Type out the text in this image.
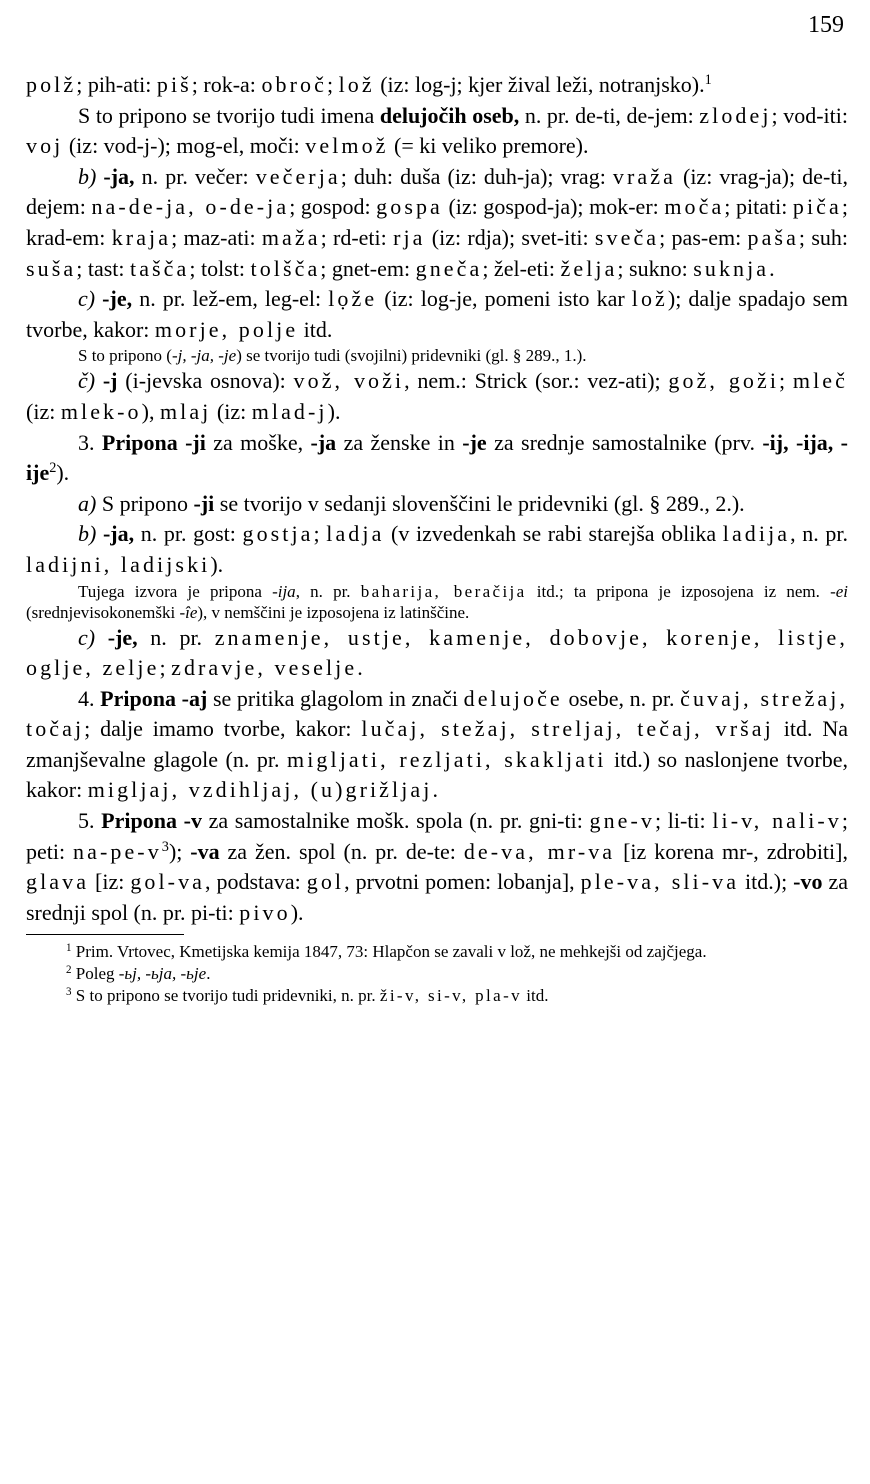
159

polž; pih-ati: piš; rok-a: obroč; lož (iz: log-j; kjer žival leži, notranjsko).$^1$

S to pripono se tvorijo tudi imena delujočih oseb, n. pr. de-ti, de-jem: zlodej; vod-iti: voj (iz: vod-j-); mog-el, moči: velmož (= ki veliko premore).

b) -ja, n. pr. večer: večerja; duh: duša (iz: duh-ja); vrag: vraža (iz: vrag-ja); de-ti, dejem: na-de-ja, o-de-ja; gospod: gospa (iz: gospod-ja); mok-er: moča; pitati: piča; krad-em: kraja; maz-ati: maža; rd-eti: rja (iz: rdja); svet-iti: sveča; pas-em: paša; suh: suša; tast: tašča; tolst: tolšča; gnet-em: gneča; žel-eti: želja; sukno: suknja.

c) -je, n. pr. lež-em, leg-el: lọže (iz: log-je, pomeni isto kar lož); dalje spadajo sem tvorbe, kakor: morje, polje itd.

S to pripono (-j, -ja, -je) se tvorijo tudi (svojilni) pridevniki (gl. § 289., 1.).

č) -j (i-jevska osnova): vož, voži, nem.: Strick (sor.: vez-ati); gož, goži; mleč (iz: mlek-o), mlaj (iz: mlad-j).

3. Pripona -ji za moške, -ja za ženske in -je za srednje samostalnike (prv. -ij, -ija, -ije$^2$).

a) S pripono -ji se tvorijo v sedanji slovenščini le pridevniki (gl. § 289., 2.).

b) -ja, n. pr. gost: gostja; ladja (v izvedenkah se rabi starejša oblika ladija, n. pr. ladijni, ladijski).

Tujega izvora je pripona -ija, n. pr. baharija, beračija itd.; ta pripona je izposojena iz nem. -ei (srednjevisokonemški -îe), v nemščini je izposojena iz latinščine.

c) -je, n. pr. znamenje, ustje, kamenje, dobovje, korenje, listje, oglje, zelje; zdravje, veselje.

4. Pripona -aj se pritika glagolom in znači delujoče osebe, n. pr. čuvaj, strežaj, točaj; dalje imamo tvorbe, kakor: lučaj, stežaj, streljaj, tečaj, vršaj itd. Na zmanjševalne glagole (n. pr. migljati, rezljati, skakljati itd.) so naslonjene tvorbe, kakor: migljaj, vzdihljaj, (u)grižljaj.

5. Pripona -v za samostalnike mošk. spola (n. pr. gni-ti: gne-v; li-ti: li-v, nali-v; peti: $na-pe-v^3$); -va za žen. spol (n. pr. de-te: de-va, mr-va [iz korena mr-, zdrobiti], glava [iz: gol-va, podstava: gol, prvotni pomen: lobanja], ple-va, sli-va itd.); -vo za srednji spol (n. pr. pi-ti: pivo).

$^1$ Prim. Vrtovec, Kmetijska kemija 1847, 73: Hlapčon se zavali v lož, ne mehkejši od zajčjega.

$^2$ Poleg -ьj, -ьja, -ьje.

$^3$ S to pripono se tvorijo tudi pridevniki, n. pr. ži-v, si-v, pla-v itd.
